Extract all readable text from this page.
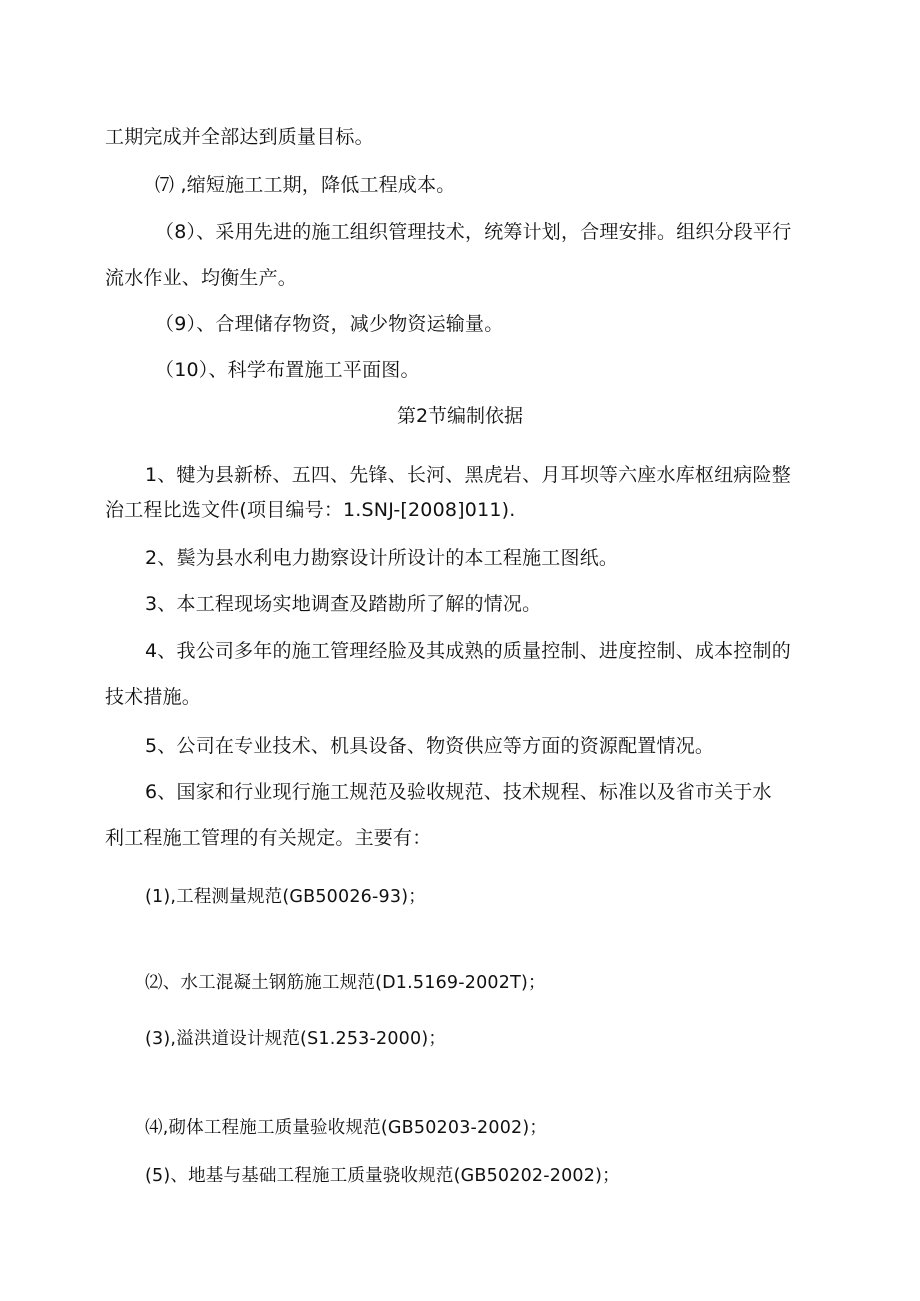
工期完成并全部达到质量目标。
⑺ ,缩短施工工期，降低工程成本。
（8）、采用先进的施工组织管理技术，统筹计划，合理安排。组织分段平行
流水作业、均衡生产。
（9）、合理储存物资，减少物资运输量。
（10）、科学布置施工平面图。
第2节编制依据
1、犍为县新桥、五四、先锋、长河、黑虎岩、月耳坝等六座水库枢纽病险整
治工程比选文件(项目编号：1.SNJ-[2008]011).
2、鬓为县水利电力勘察设计所设计的本工程施工图纸。
3、本工程现场实地调查及踏勘所了解的情况。
4、我公司多年的施工管理经脸及其成熟的质量控制、进度控制、成本控制的
技术措施。
5、公司在专业技术、机具设备、物资供应等方面的资源配置情况。
6、国家和行业现行施工规范及验收规范、技术规程、标准以及省市关于水
利工程施工管理的有关规定。主要有：
(1),工程测量规范(GB50026-93)；
⑵、水工混凝土钢筋施工规范(D1.5169-2002T)；
(3),溢洪道设计规范(S1.253-2000)；
⑷,砌体工程施工质量验收规范(GB50203-2002)；
(5)、地基与基础工程施工质量骁收规范(GB50202-2002)；
